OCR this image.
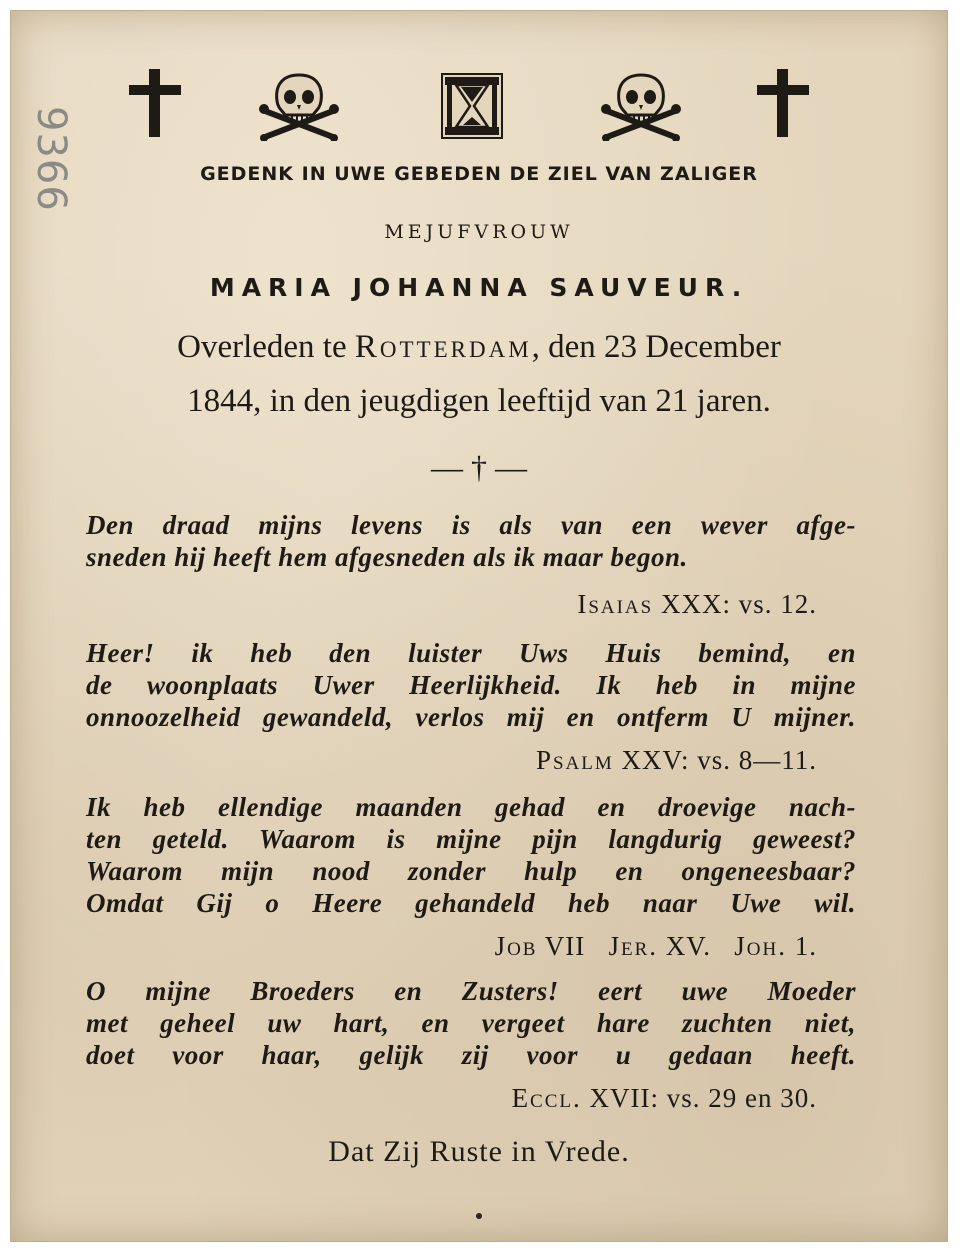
9366	GEDENK IN UWE GEBEDEN DE ZIEL VAN ZALIGER
MEJUFVROUW
MARIA JOHANNA SAUVEUR.
Overleden te Rotterdam, den 23 December
1844, in den jeugdigen leeftijd van 21 jaren.
— † —
Den draad mijns levens is als van een wever afge-
sneden hij heeft hem afgesneden als ik maar begon.
Isaias XXX: vs. 12.
Heer! ik heb den luister Uws Huis bemind, en
de woonplaats Uwer Heerlijkheid. Ik heb in mijne
onnoozelheid gewandeld, verlos mij en ontferm U mijner.
Psalm XXV: vs. 8—11.
Ik heb ellendige maanden gehad en droevige nach-
ten geteld. Waarom is mijne pijn langdurig geweest?
Waarom mijn nood zonder hulp en ongeneesbaar?
Omdat Gij o Heere gehandeld heb naar Uwe wil.
Job VII   Jer. XV.   Joh. 1.
O mijne Broeders en Zusters! eert uwe Moeder
met geheel uw hart, en vergeet hare zuchten niet,
doet voor haar, gelijk zij voor u gedaan heeft.
Eccl. XVII: vs. 29 en 30.
Dat Zij Ruste in Vrede.
